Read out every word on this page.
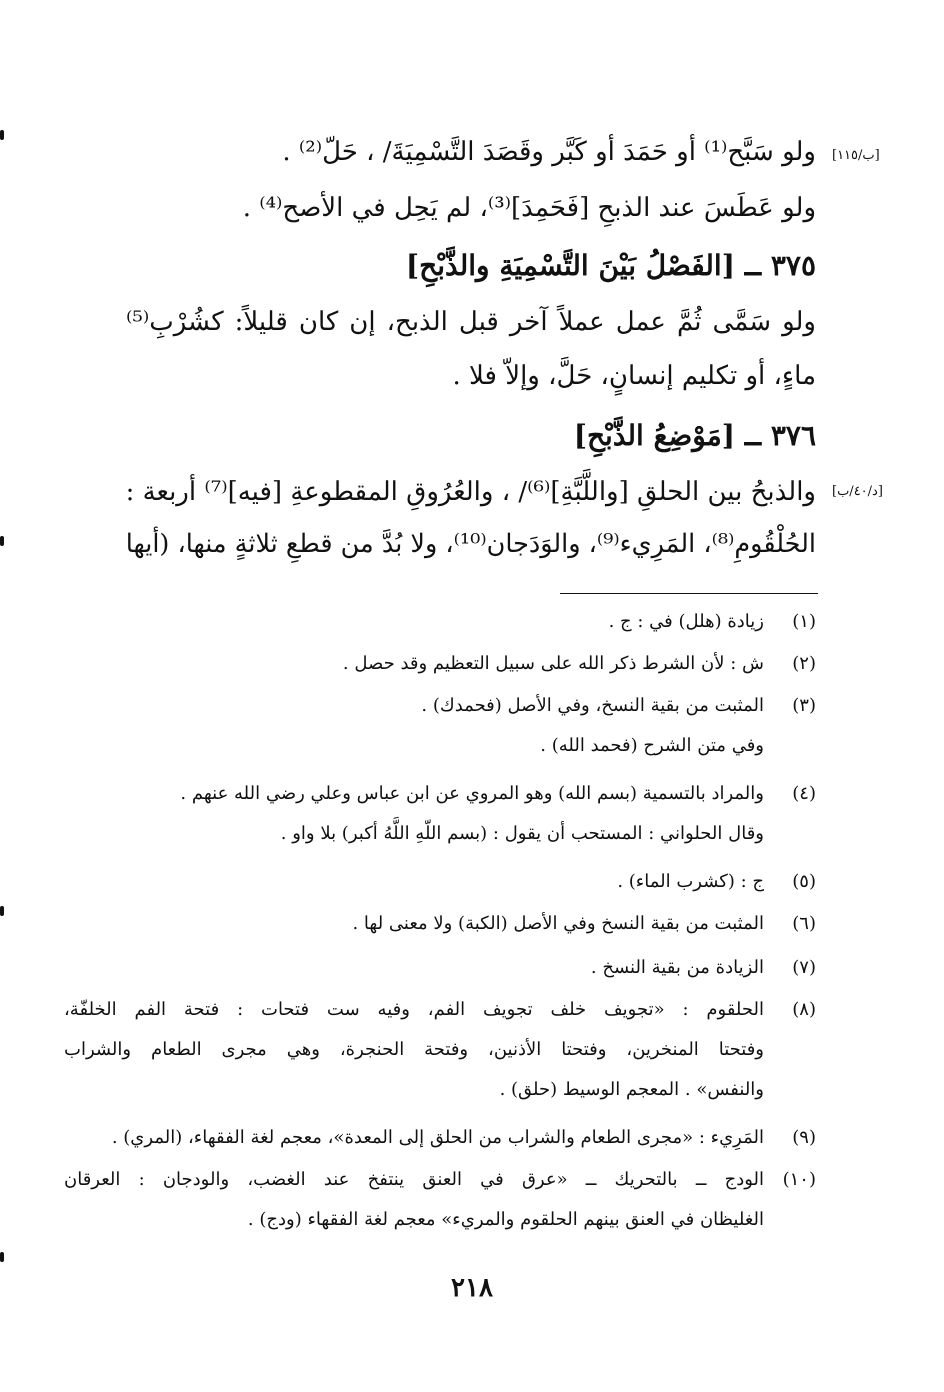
[ب/١١٥]
[د/٤٠/ب]
ولو سَبَّح⁽¹⁾ أو حَمَدَ أو كَبَّر وقَصَدَ التَّسْمِيَةَ/ ، حَلّ⁽²⁾ .
ولو عَطَسَ عند الذبحِ [فَحَمِدَ]⁽³⁾، لم يَحِل في الأصح⁽⁴⁾ .
٣٧٥ ــ [الفَصْلُ بَيْنَ التَّسْمِيَةِ والذَّبْحِ]
ولو سَمَّى ثُمَّ عمل عملاً آخر قبل الذبح، إن كان قليلاً: كشُرْبِ⁽⁵⁾
ماءٍ، أو تكليم إنسانٍ، حَلَّ، وإلاّ فلا .
٣٧٦ ــ [مَوْضِعُ الذَّبْحِ]
والذبحُ بين الحلقِ [واللَّبَّةِ]⁽⁶⁾/ ، والعُرُوقِ المقطوعةِ [فيه]⁽⁷⁾ أربعة :
الحُلْقُومِ⁽⁸⁾، المَرِيء⁽⁹⁾، والوَدَجان⁽¹⁰⁾، ولا بُدَّ من قطعِ ثلاثةٍ منها، (أيها
(١)
زيادة (هلل) في : ج .
(٢)
ش : لأن الشرط ذكر الله على سبيل التعظيم وقد حصل .
(٣)
المثبت من بقية النسخ، وفي الأصل (فحمدك) .
وفي متن الشرح (فحمد الله) .
(٤)
والمراد بالتسمية (بسم الله) وهو المروي عن ابن عباس وعلي رضي الله عنهم .
وقال الحلواني : المستحب أن يقول : (بسم اللّهِ اللَّهُ أكبر) بلا واو .
(٥)
ج : (كشرب الماء) .
(٦)
المثبت من بقية النسخ وفي الأصل (الكبة) ولا معنى لها .
(٧)
الزيادة من بقية النسخ .
(٨)
الحلقوم : «تجويف خلف تجويف الفم، وفيه ست فتحات : فتحة الفم الخلفّة،
وفتحتا المنخرين، وفتحتا الأذنين، وفتحة الحنجرة، وهي مجرى الطعام والشراب
والنفس» . المعجم الوسيط (حلق) .
(٩)
المَرِيء : «مجرى الطعام والشراب من الحلق إلى المعدة»، معجم لغة الفقهاء، (المري) .
(١٠)
الودج ــ بالتحريك ــ «عرق في العنق ينتفخ عند الغضب، والودجان : العرقان
الغليظان في العنق بينهم الحلقوم والمريء» معجم لغة الفقهاء (ودج) .
٢١٨
